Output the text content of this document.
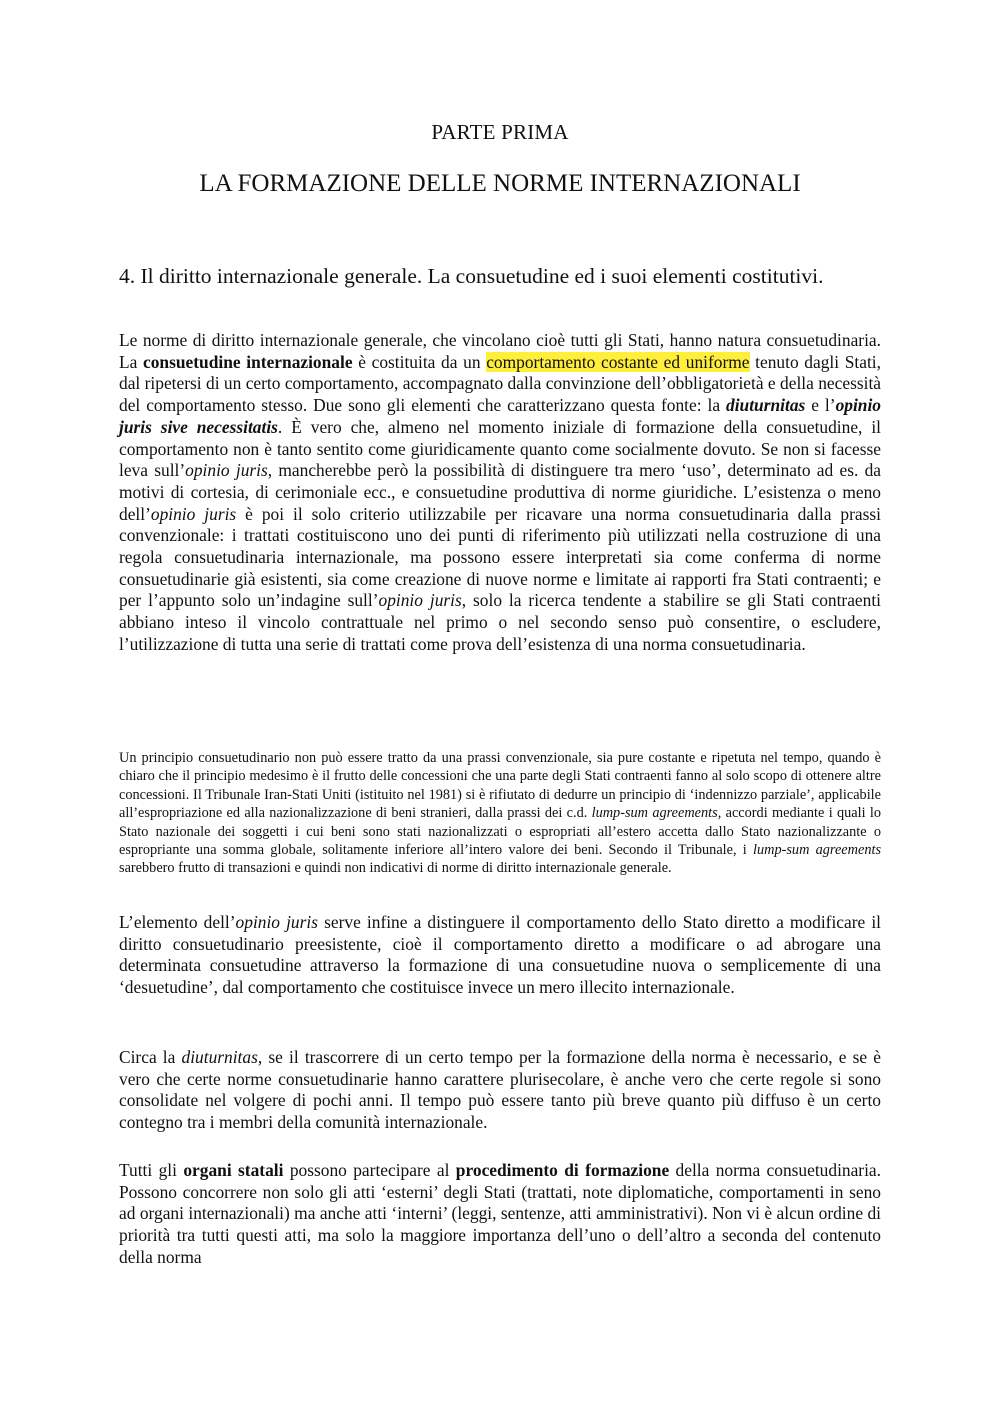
PARTE PRIMA
LA FORMAZIONE DELLE NORME INTERNAZIONALI
4. Il diritto internazionale generale. La consuetudine ed i suoi elementi costitutivi.
Le norme di diritto internazionale generale, che vincolano cioè tutti gli Stati, hanno natura consuetudinaria. La consuetudine internazionale è costituita da un comportamento costante ed uniforme tenuto dagli Stati, dal ripetersi di un certo comportamento, accompagnato dalla convinzione dell’obbligatorietà e della necessità del comportamento stesso. Due sono gli elementi che caratterizzano questa fonte: la diuturnitas e l’opinio juris sive necessitatis. È vero che, almeno nel momento iniziale di formazione della consuetudine, il comportamento non è tanto sentito come giuridicamente quanto come socialmente dovuto. Se non si facesse leva sull’opinio juris, mancherebbe però la possibilità di distinguere tra mero ‘uso’, determinato ad es. da motivi di cortesia, di cerimoniale ecc., e consuetudine produttiva di norme giuridiche. L’esistenza o meno dell’opinio juris è poi il solo criterio utilizzabile per ricavare una norma consuetudinaria dalla prassi convenzionale: i trattati costituiscono uno dei punti di riferimento più utilizzati nella costruzione di una regola consuetudinaria internazionale, ma possono essere interpretati sia come conferma di norme consuetudinarie già esistenti, sia come creazione di nuove norme e limitate ai rapporti fra Stati contraenti; e per l’appunto solo un’indagine sull’opinio juris, solo la ricerca tendente a stabilire se gli Stati contraenti abbiano inteso il vincolo contrattuale nel primo o nel secondo senso può consentire, o escludere, l’utilizzazione di tutta una serie di trattati come prova dell’esistenza di una norma consuetudinaria.
Un principio consuetudinario non può essere tratto da una prassi convenzionale, sia pure costante e ripetuta nel tempo, quando è chiaro che il principio medesimo è il frutto delle concessioni che una parte degli Stati contraenti fanno al solo scopo di ottenere altre concessioni. Il Tribunale Iran-Stati Uniti (istituito nel 1981) si è rifiutato di dedurre un principio di ‘indennizzo parziale’, applicabile all’espropriazione ed alla nazionalizzazione di beni stranieri, dalla prassi dei c.d. lump-sum agreements, accordi mediante i quali lo Stato nazionale dei soggetti i cui beni sono stati nazionalizzati o espropriati all’estero accetta dallo Stato nazionalizzante o espropriante una somma globale, solitamente inferiore all’intero valore dei beni. Secondo il Tribunale, i lump-sum agreements sarebbero frutto di transazioni e quindi non indicativi di norme di diritto internazionale generale.
L’elemento dell’opinio juris serve infine a distinguere il comportamento dello Stato diretto a modificare il diritto consuetudinario preesistente, cioè il comportamento diretto a modificare o ad abrogare una determinata consuetudine attraverso la formazione di una consuetudine nuova o semplicemente di una ‘desuetudine’, dal comportamento che costituisce invece un mero illecito internazionale.
Circa la diuturnitas, se il trascorrere di un certo tempo per la formazione della norma è necessario, e se è vero che certe norme consuetudinarie hanno carattere plurisecolare, è anche vero che certe regole si sono consolidate nel volgere di pochi anni. Il tempo può essere tanto più breve quanto più diffuso è un certo contegno tra i membri della comunità internazionale.
Tutti gli organi statali possono partecipare al procedimento di formazione della norma consuetudinaria. Possono concorrere non solo gli atti ‘esterni’ degli Stati (trattati, note diplomatiche, comportamenti in seno ad organi internazionali) ma anche atti ‘interni’ (leggi, sentenze, atti amministrativi). Non vi è alcun ordine di priorità tra tutti questi atti, ma solo la maggiore importanza dell’uno o dell’altro a seconda del contenuto della norma
